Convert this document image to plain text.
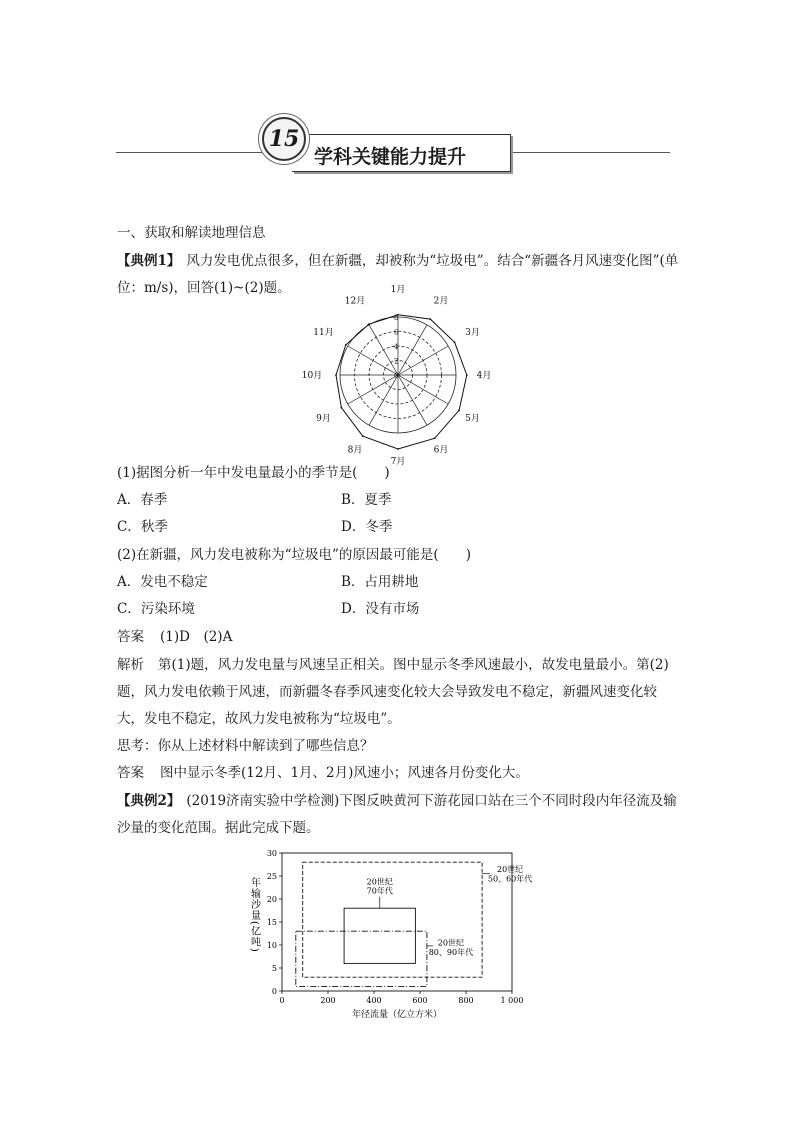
学科关键能力提升
15
一、获取和解读地理信息
【典例1】 风力发电优点很多，但在新疆，却被称为“垃圾电”。结合“新疆各月风速变化图”(单
位：m/s)，回答(1)~(2)题。	1月
2月
3月
4月
5月
6月
7月
8月
9月
10月
11月
12月
8
6
4
2
0
(1)据图分析一年中发电量最小的季节是(　　)
A．春季	B．夏季
C．秋季	D．冬季
(2)在新疆，风力发电被称为“垃圾电”的原因最可能是(　　)
A．发电不稳定	B．占用耕地
C．污染环境	D．没有市场
答案 (1)D　(2)A
解析 第(1)题，风力发电量与风速呈正相关。图中显示冬季风速最小，故发电量最小。第(2)
题，风力发电依赖于风速，而新疆冬春季风速变化较大会导致发电不稳定，新疆风速变化较
大，发电不稳定，故风力发电被称为“垃圾电”。
思考：你从上述材料中解读到了哪些信息？
答案 图中显示冬季(12月、1月、2月)风速小；风速各月份变化大。
【典例2】 (2019济南实验中学检测)下图反映黄河下游花园口站在三个不同时段内年径流及输
沙量的变化范围。据此完成下题。
0	200	400	600	800	1 000
0
5
10
15
20
25
30
年径流量（亿立方米）
年输沙量(亿吨)
20世纪
50、60年代
20世纪
70年代
20世纪
80、90年代
